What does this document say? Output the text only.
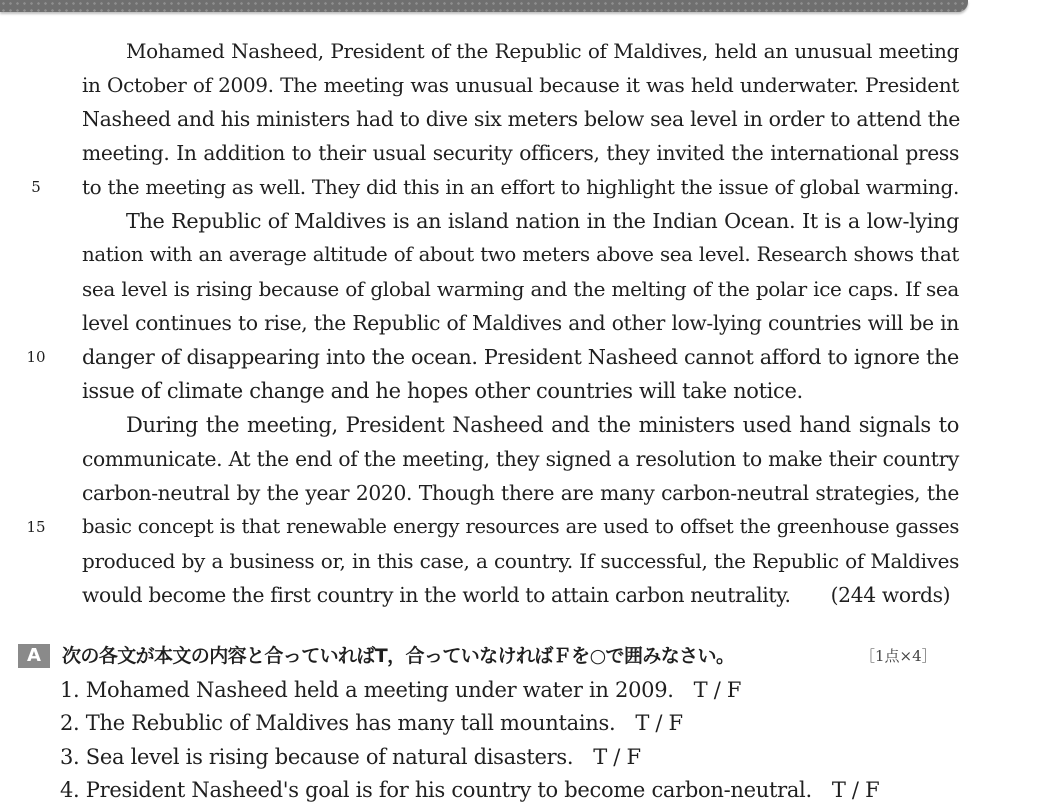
Mohamed Nasheed, President of the Republic of Maldives, held an unusual meeting
in October of 2009. The meeting was unusual because it was held underwater. President
Nasheed and his ministers had to dive six meters below sea level in order to attend the
meeting. In addition to their usual security officers, they invited the international press
5	to the meeting as well. They did this in an effort to highlight the issue of global warming.
The Republic of Maldives is an island nation in the Indian Ocean. It is a low-lying
nation with an average altitude of about two meters above sea level. Research shows that
sea level is rising because of global warming and the melting of the polar ice caps. If sea
level continues to rise, the Republic of Maldives and other low-lying countries will be in
10	danger of disappearing into the ocean. President Nasheed cannot afford to ignore the
issue of climate change and he hopes other countries will take notice.
During the meeting, President Nasheed and the ministers used hand signals to
communicate. At the end of the meeting, they signed a resolution to make their country
carbon-neutral by the year 2020. Though there are many carbon-neutral strategies, the
15	basic concept is that renewable energy resources are used to offset the greenhouse gasses
produced by a business or, in this case, a country. If successful, the Republic of Maldives
would become the first country in the world to attain carbon neutrality. (244 words)
A	次の各文が本文の内容と合っていればT，合っていなければＦを○で囲みなさい。	［1点×4］
1. Mohamed Nasheed held a meeting under water in 2009. T / F
2. The Rebublic of Maldives has many tall mountains. T / F
3. Sea level is rising because of natural disasters. T / F
4. President Nasheed's goal is for his country to become carbon-neutral. T / F
